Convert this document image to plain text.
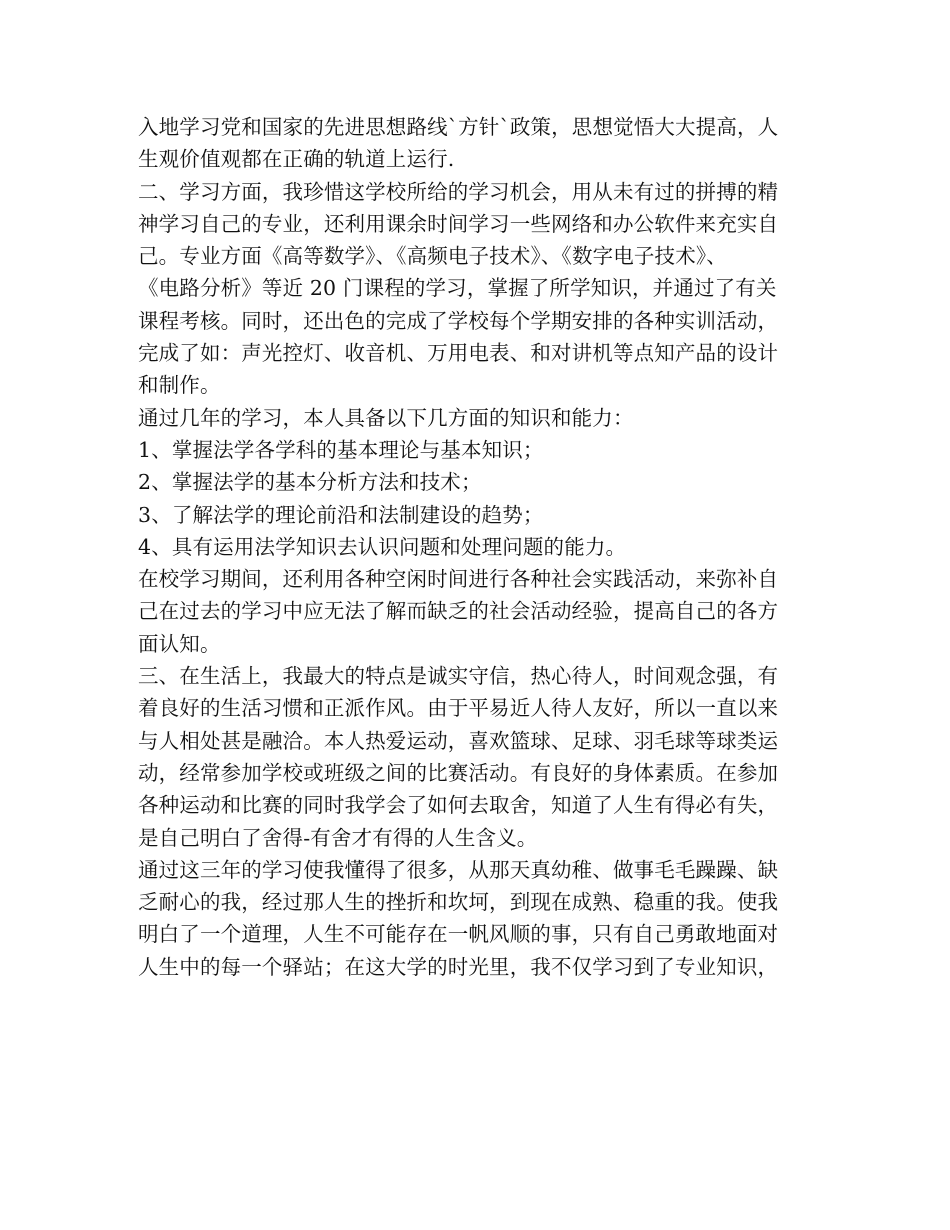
入地学习党和国家的先进思想路线`方针`政策，思想觉悟大大提高，人
生观价值观都在正确的轨道上运行.
二、学习方面，我珍惜这学校所给的学习机会，用从未有过的拼搏的精
神学习自己的专业，还利用课余时间学习一些网络和办公软件来充实自
己。专业方面《高等数学》、《高频电子技术》、《数字电子技术》、
《电路分析》等近 20 门课程的学习，掌握了所学知识，并通过了有关
课程考核。同时，还出色的完成了学校每个学期安排的各种实训活动，
完成了如：声光控灯、收音机、万用电表、和对讲机等点知产品的设计
和制作。
通过几年的学习，本人具备以下几方面的知识和能力：
1、掌握法学各学科的基本理论与基本知识；
2、掌握法学的基本分析方法和技术；
3、了解法学的理论前沿和法制建设的趋势；
4、具有运用法学知识去认识问题和处理问题的能力。
在校学习期间，还利用各种空闲时间进行各种社会实践活动，来弥补自
己在过去的学习中应无法了解而缺乏的社会活动经验，提高自己的各方
面认知。
三、在生活上，我最大的特点是诚实守信，热心待人，时间观念强，有
着良好的生活习惯和正派作风。由于平易近人待人友好，所以一直以来
与人相处甚是融洽。本人热爱运动，喜欢篮球、足球、羽毛球等球类运
动，经常参加学校或班级之间的比赛活动。有良好的身体素质。在参加
各种运动和比赛的同时我学会了如何去取舍，知道了人生有得必有失，
是自己明白了舍得-有舍才有得的人生含义。
通过这三年的学习使我懂得了很多，从那天真幼稚、做事毛毛躁躁、缺
乏耐心的我，经过那人生的挫折和坎坷，到现在成熟、稳重的我。使我
明白了一个道理，人生不可能存在一帆风顺的事，只有自己勇敢地面对
人生中的每一个驿站；在这大学的时光里，我不仅学习到了专业知识，
